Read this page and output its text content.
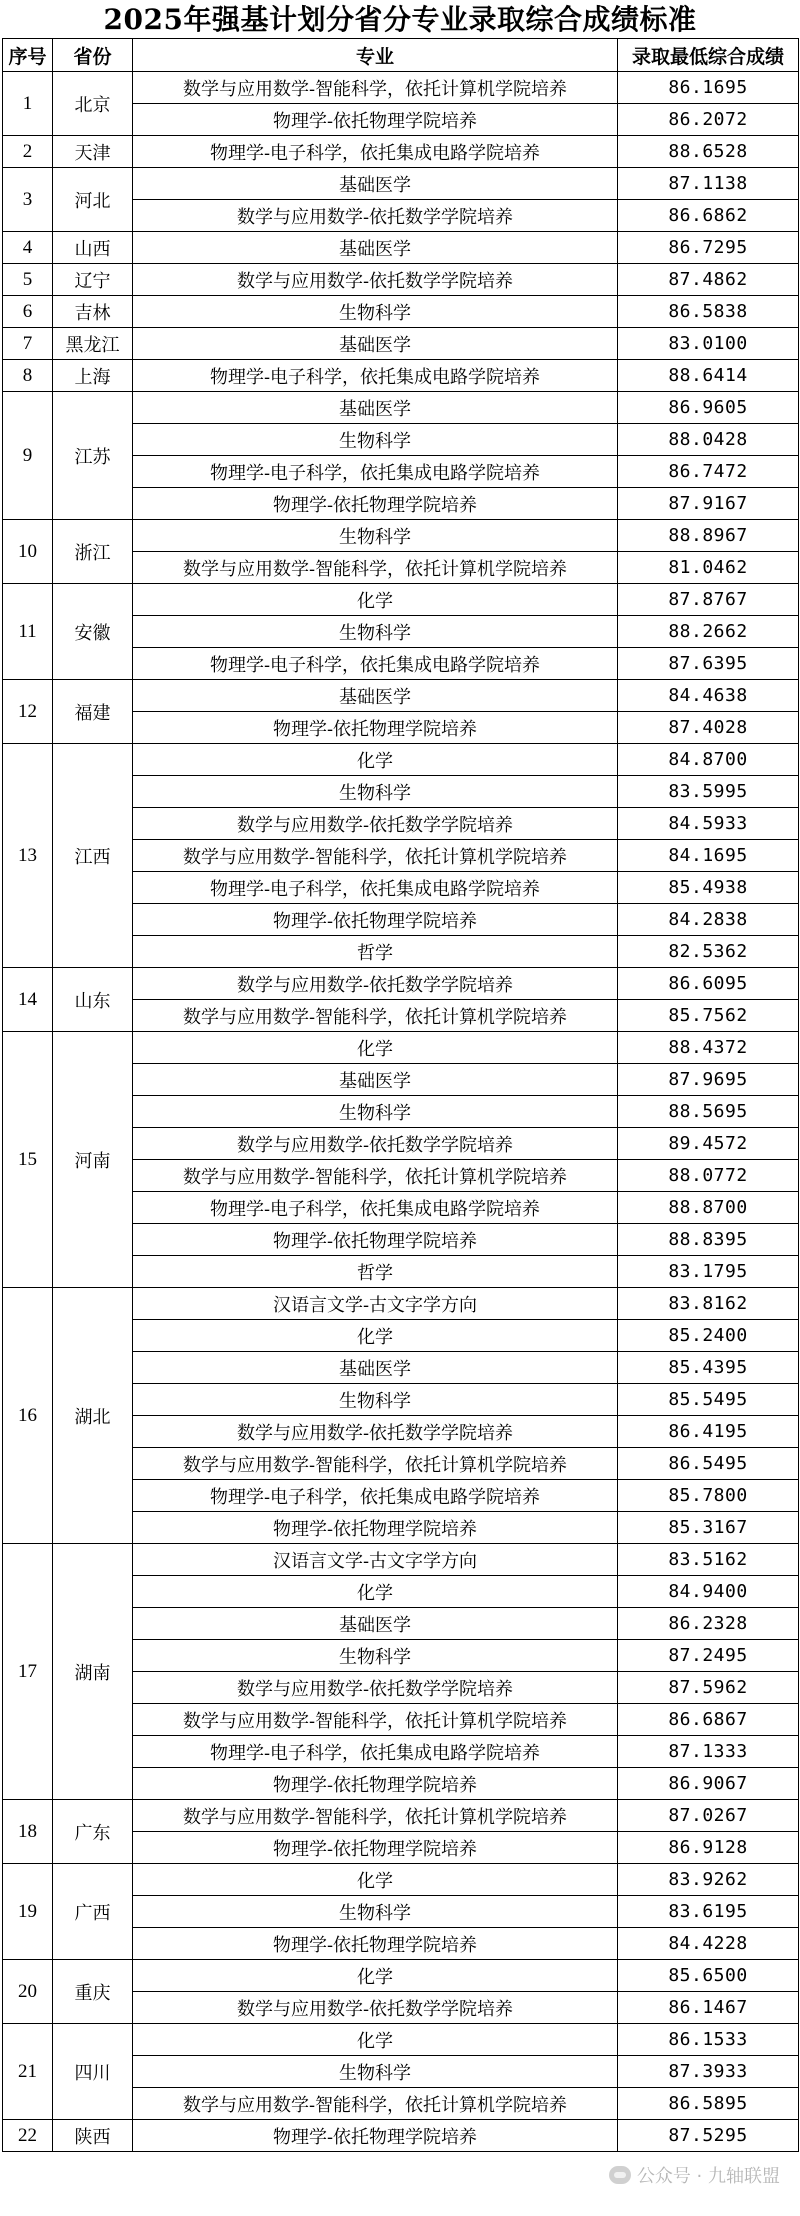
2025年强基计划分省分专业录取综合成绩标准
序号	省份	专业	录取最低综合成绩
1	北京	数学与应用数学-智能科学，依托计算机学院培养	86.1695
		物理学-依托物理学院培养	86.2072
2	天津	物理学-电子科学，依托集成电路学院培养	88.6528
3	河北	基础医学	87.1138
		数学与应用数学-依托数学学院培养	86.6862
4	山西	基础医学	86.7295
5	辽宁	数学与应用数学-依托数学学院培养	87.4862
6	吉林	生物科学	86.5838
7	黑龙江	基础医学	83.0100
8	上海	物理学-电子科学，依托集成电路学院培养	88.6414
9	江苏	基础医学	86.9605
		生物科学	88.0428
		物理学-电子科学，依托集成电路学院培养	86.7472
		物理学-依托物理学院培养	87.9167
10	浙江	生物科学	88.8967
		数学与应用数学-智能科学，依托计算机学院培养	81.0462
11	安徽	化学	87.8767
		生物科学	88.2662
		物理学-电子科学，依托集成电路学院培养	87.6395
12	福建	基础医学	84.4638
		物理学-依托物理学院培养	87.4028
13	江西	化学	84.8700
		生物科学	83.5995
		数学与应用数学-依托数学学院培养	84.5933
		数学与应用数学-智能科学，依托计算机学院培养	84.1695
		物理学-电子科学，依托集成电路学院培养	85.4938
		物理学-依托物理学院培养	84.2838
		哲学	82.5362
14	山东	数学与应用数学-依托数学学院培养	86.6095
		数学与应用数学-智能科学，依托计算机学院培养	85.7562
15	河南	化学	88.4372
		基础医学	87.9695
		生物科学	88.5695
		数学与应用数学-依托数学学院培养	89.4572
		数学与应用数学-智能科学，依托计算机学院培养	88.0772
		物理学-电子科学，依托集成电路学院培养	88.8700
		物理学-依托物理学院培养	88.8395
		哲学	83.1795
16	湖北	汉语言文学-古文字学方向	83.8162
		化学	85.2400
		基础医学	85.4395
		生物科学	85.5495
		数学与应用数学-依托数学学院培养	86.4195
		数学与应用数学-智能科学，依托计算机学院培养	86.5495
		物理学-电子科学，依托集成电路学院培养	85.7800
		物理学-依托物理学院培养	85.3167
17	湖南	汉语言文学-古文字学方向	83.5162
		化学	84.9400
		基础医学	86.2328
		生物科学	87.2495
		数学与应用数学-依托数学学院培养	87.5962
		数学与应用数学-智能科学，依托计算机学院培养	86.6867
		物理学-电子科学，依托集成电路学院培养	87.1333
		物理学-依托物理学院培养	86.9067
18	广东	数学与应用数学-智能科学，依托计算机学院培养	87.0267
		物理学-依托物理学院培养	86.9128
19	广西	化学	83.9262
		生物科学	83.6195
		物理学-依托物理学院培养	84.4228
20	重庆	化学	85.6500
		数学与应用数学-依托数学学院培养	86.1467
21	四川	化学	86.1533
		生物科学	87.3933
		数学与应用数学-智能科学，依托计算机学院培养	86.5895
22	陕西	物理学-依托物理学院培养	87.5295
公众号 · 九轴联盟
